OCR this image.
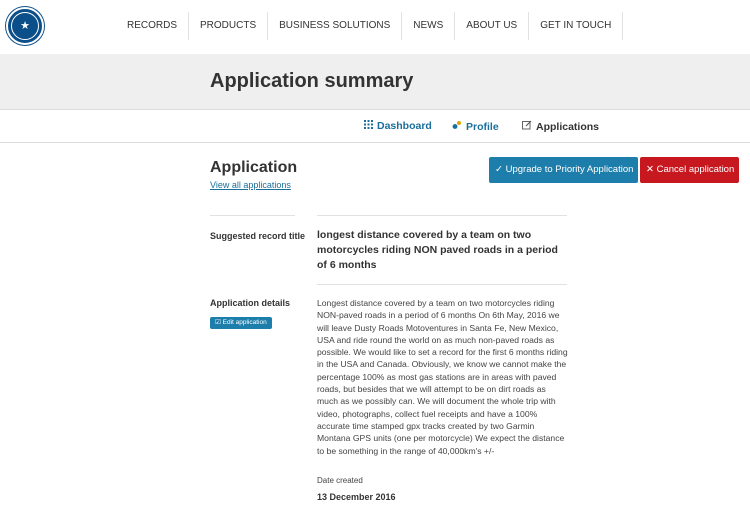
★	RECORDS	PRODUCTS	BUSINESS SOLUTIONS	NEWS	ABOUT US	GET IN TOUCH
Application summary
Dashboard	Profile	Applications
Application
View all applications
✓ Upgrade to Priority Application	✕ Cancel application
Suggested record title longest distance covered by a team on two motorcycles riding NON paved roads in a period of 6 months
Application details
☑ Edit application
Longest distance covered by a team on two motorcycles riding NON-paved roads in a period of 6 months On 6th May, 2016 we will leave Dusty Roads Motoventures in Santa Fe, New Mexico, USA and ride round the world on as much non-paved roads as possible. We would like to set a record for the first 6 months riding in the USA and Canada. Obviously, we know we cannot make the percentage 100% as most gas stations are in areas with paved roads, but besides that we will attempt to be on dirt roads as much as we possibly can. We will document the whole trip with video, photographs, collect fuel receipts and have a 100% accurate time stamped gpx tracks created by two Garmin Montana GPS units (one per motorcycle) We expect the distance to be something in the range of 40,000km's +/-
Date created
13 December 2016
